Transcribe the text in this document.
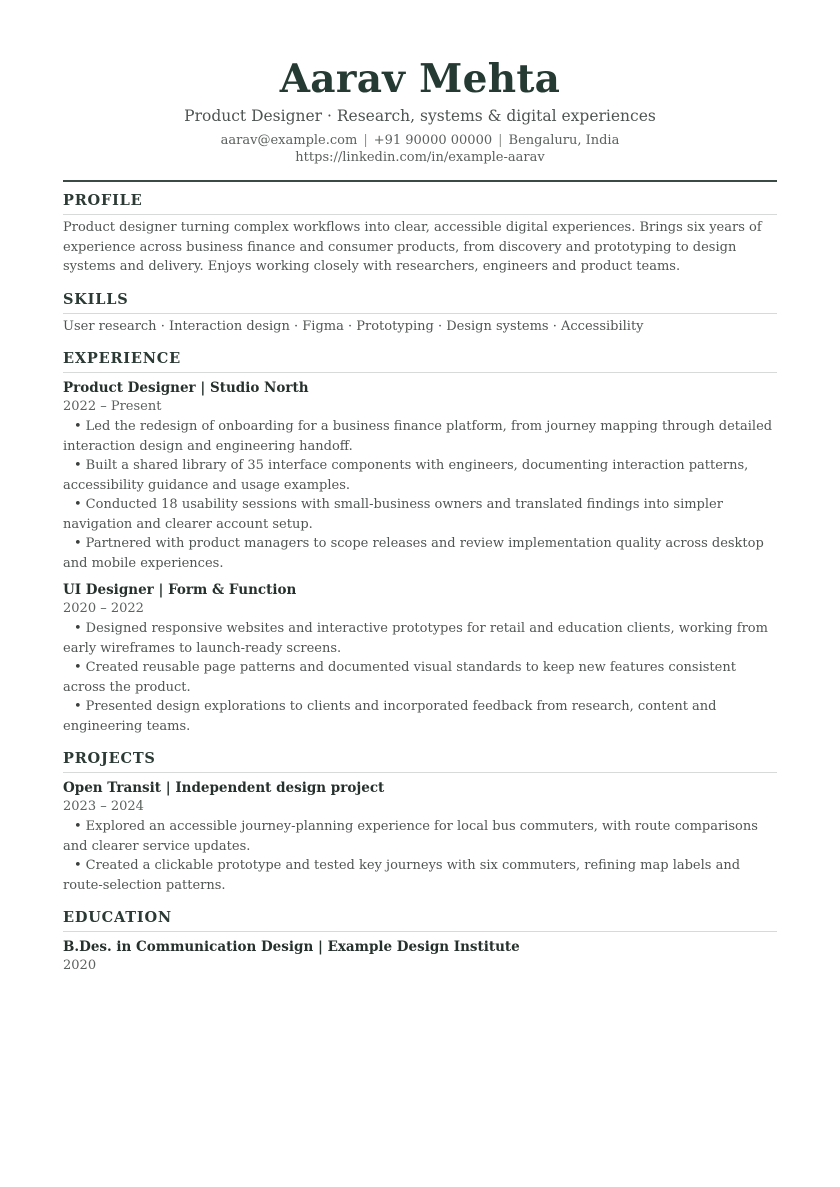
Aarav Mehta
Product Designer · Research, systems & digital experiences
aarav@example.com | +91 90000 00000 | Bengaluru, India
https://linkedin.com/in/example-aarav
PROFILE

Product designer turning complex workflows into clear, accessible digital experiences. Brings six years of experience across business finance and consumer products, from discovery and prototyping to design systems and delivery. Enjoys working closely with researchers, engineers and product teams.

SKILLS

User research · Interaction design · Figma · Prototyping · Design systems · Accessibility

EXPERIENCE
Product Designer | Studio North
2022 – Present
• Led the redesign of onboarding for a business finance platform, from journey mapping through detailed interaction design and engineering handoff.
• Built a shared library of 35 interface components with engineers, documenting interaction patterns, accessibility guidance and usage examples.
• Conducted 18 usability sessions with small-business owners and translated findings into simpler navigation and clearer account setup.
• Partnered with product managers to scope releases and review implementation quality across desktop and mobile experiences.
UI Designer | Form & Function
2020 – 2022
• Designed responsive websites and interactive prototypes for retail and education clients, working from early wireframes to launch-ready screens.
• Created reusable page patterns and documented visual standards to keep new features consistent across the product.
• Presented design explorations to clients and incorporated feedback from research, content and engineering teams.
PROJECTS
Open Transit | Independent design project
2023 – 2024
• Explored an accessible journey-planning experience for local bus commuters, with route comparisons and clearer service updates.
• Created a clickable prototype and tested key journeys with six commuters, refining map labels and route-selection patterns.
EDUCATION
B.Des. in Communication Design | Example Design Institute
2020
